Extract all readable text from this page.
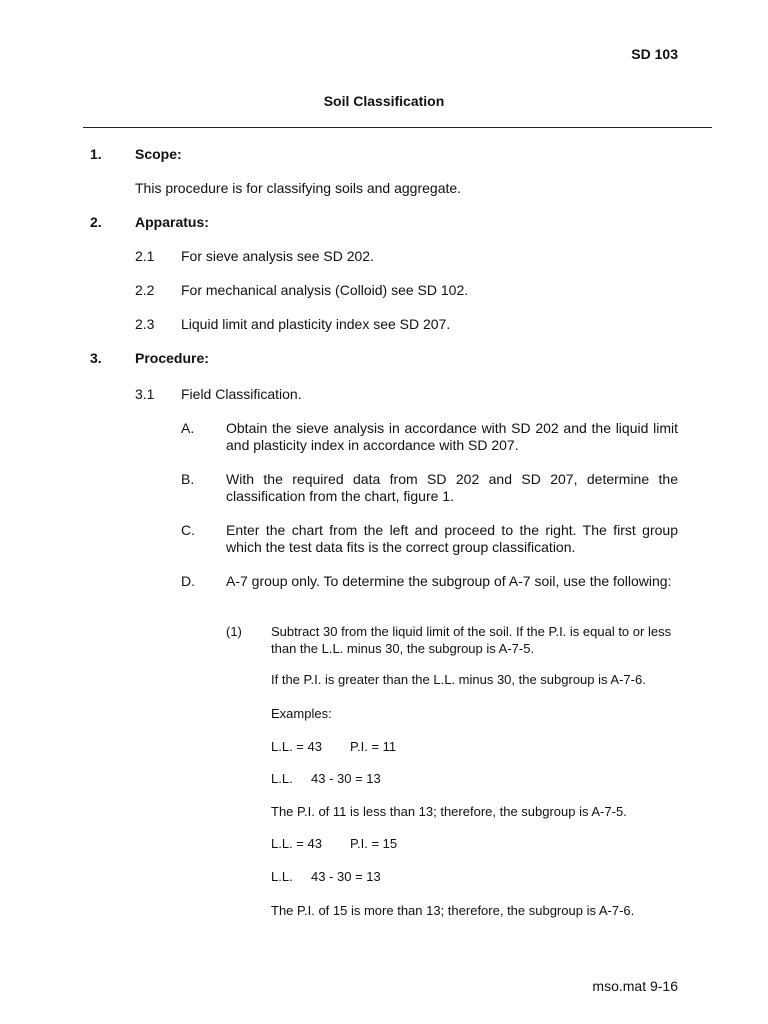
SD 103
Soil Classification
1. Scope:
This procedure is for classifying soils and aggregate.
2. Apparatus:
2.1 For sieve analysis see SD 202.
2.2 For mechanical analysis (Colloid) see SD 102.
2.3 Liquid limit and plasticity index see SD 207.
3. Procedure:
3.1 Field Classification.
A. Obtain the sieve analysis in accordance with SD 202 and the liquid limit and plasticity index in accordance with SD 207.
B. With the required data from SD 202 and SD 207, determine the classification from the chart, figure 1.
C. Enter the chart from the left and proceed to the right. The first group which the test data fits is the correct group classification.
D. A-7 group only. To determine the subgroup of A-7 soil, use the following:
(1) Subtract 30 from the liquid limit of the soil. If the P.I. is equal to or less than the L.L. minus 30, the subgroup is A-7-5.
If the P.I. is greater than the L.L. minus 30, the subgroup is A-7-6.
Examples:
L.L. = 43 P.I. = 11
L.L. 43 - 30 = 13
The P.I. of 11 is less than 13; therefore, the subgroup is A-7-5.
L.L. = 43 P.I. = 15
L.L. 43 - 30 = 13
The P.I. of 15 is more than 13; therefore, the subgroup is A-7-6.
mso.mat 9-16
